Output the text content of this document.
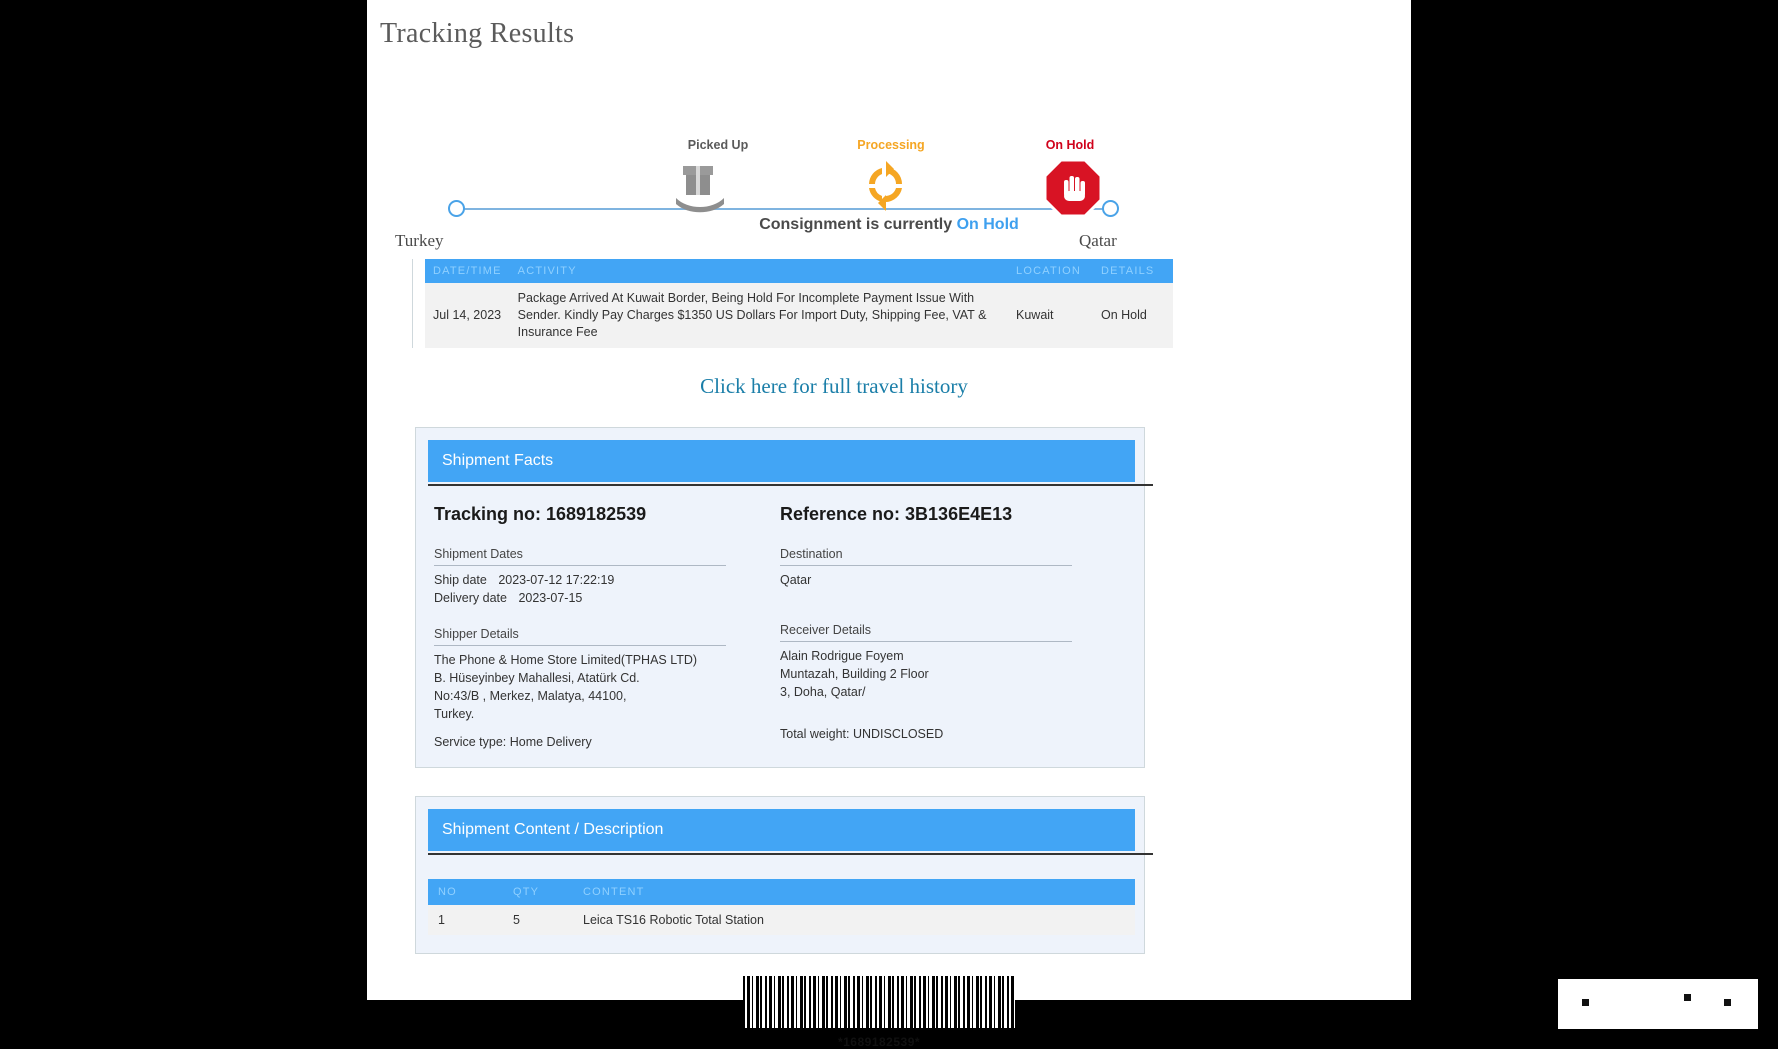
Tracking Results
Picked Up	Processing	On Hold
Turkey	Qatar
Consignment is currently On Hold
DATE/TIME	ACTIVITY	LOCATION	DETAILS
Jul 14, 2023	Package Arrived At Kuwait Border, Being Hold For Incomplete Payment Issue With Sender. Kindly Pay Charges $1350 US Dollars For Import Duty, Shipping Fee, VAT & Insurance Fee	Kuwait	On Hold
Click here for full travel history
Shipment Facts
Tracking no: 1689182539
Shipment Dates
Ship date 2023-07-12 17:22:19
Delivery date 2023-07-15
Shipper Details
The Phone & Home Store Limited(TPHAS LTD)
B. Hüseyinbey Mahallesi, Atatürk Cd.
No:43/B , Merkez, Malatya, 44100,
Turkey.
Service type: Home Delivery
Reference no: 3B136E4E13
Destination
Qatar
Receiver Details
Alain Rodrigue Foyem
Muntazah, Building 2 Floor
3, Doha, Qatar/
Total weight: UNDISCLOSED
Shipment Content / Description
NO	QTY	CONTENT
1	5	Leica TS16 Robotic Total Station
*1689182539*
